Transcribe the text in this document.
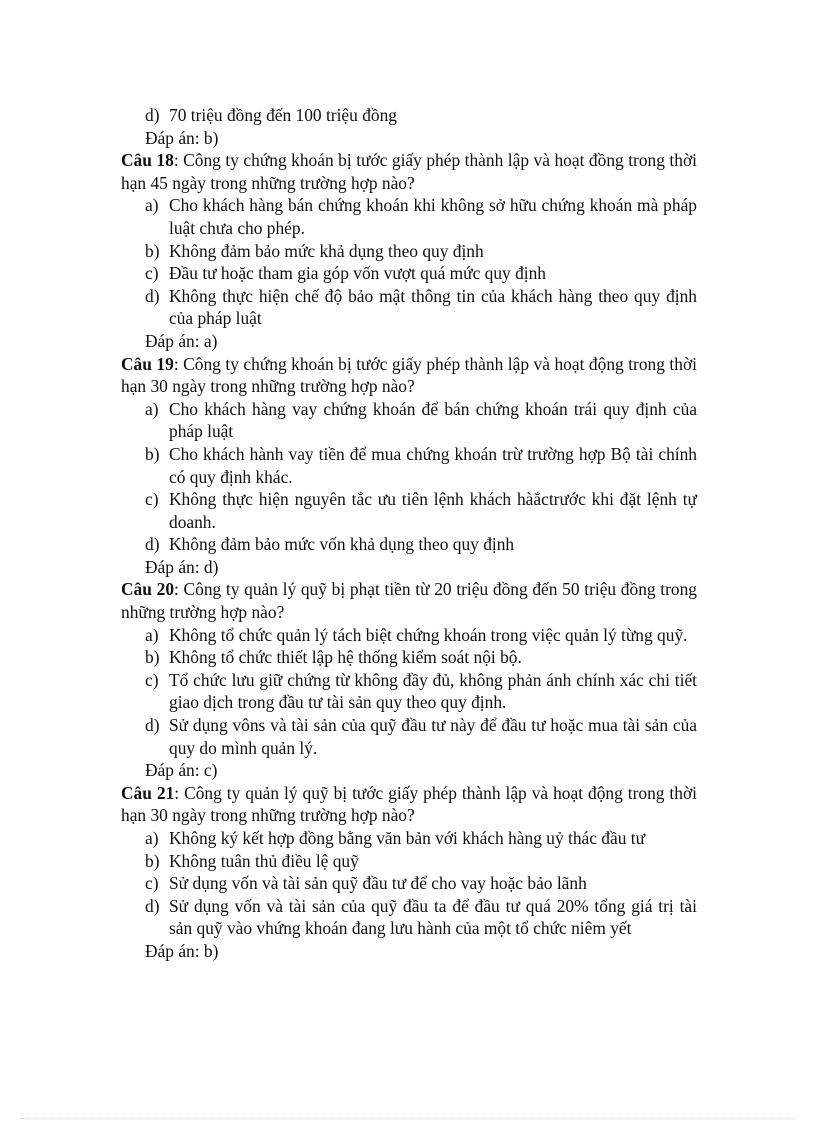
d) 70 triệu đồng đến 100 triệu đồng
Đáp án: b)
Câu 18: Công ty chứng khoán bị tước giấy phép thành lập và hoạt đồng trong thời hạn 45 ngày trong những trường hợp nào?
a) Cho khách hàng bán chứng khoán khi không sở hữu chứng khoán mà pháp luật chưa cho phép.
b) Không đảm bảo mức khả dụng theo quy định
c) Đầu tư hoặc tham gia góp vốn vượt quá mức quy định
d) Không thực hiện chế độ bảo mật thông tin của khách hàng theo quy định của pháp luật
Đáp án: a)
Câu 19: Công ty chứng khoán bị tước giấy phép thành lập và hoạt động trong thời hạn 30 ngày trong những trường hợp nào?
a) Cho khách hàng vay chứng khoán để bán chứng khoán trái quy định của pháp luật
b) Cho khách hành vay tiền để mua chứng khoán trừ trường hợp Bộ tài chính có quy định khác.
c) Không thực hiện nguyên tắc ưu tiên lệnh khách hàắctrước khi đặt lệnh tự doanh.
d) Không đảm bảo mức vốn khả dụng theo quy định
Đáp án: d)
Câu 20: Công ty quản lý quỹ bị phạt tiền từ 20 triệu đồng đến 50 triệu đồng trong những trường hợp nào?
a) Không tổ chức quản lý tách biệt chứng khoán trong việc quản lý từng quỹ.
b) Không tổ chức thiết lập hệ thống kiểm soát nội bộ.
c) Tổ chức lưu giữ chứng từ không đầy đủ, không phản ánh chính xác chi tiết giao dịch trong đầu tư tài sản quy theo quy định.
d) Sử dụng vôns và tài sản của quỹ đầu tư này để đầu tư hoặc mua tài sản của quy do mình quản lý.
Đáp án: c)
Câu 21: Công ty quản lý quỹ bị tước giấy phép thành lập và hoạt động trong thời hạn 30 ngày trong những trường hợp nào?
a) Không ký kết hợp đồng bằng văn bản với khách hàng uỷ thác đầu tư
b) Không tuân thủ điều lệ quỹ
c) Sử dụng vốn và tài sản quỹ đầu tư để cho vay hoặc bảo lãnh
d) Sử dụng vốn và tài sản của quỹ đầu ta để đầu tư quá 20% tổng giá trị tài sản quỹ vào vhứng khoán đang lưu hành của một tổ chức niêm yết
Đáp án: b)
